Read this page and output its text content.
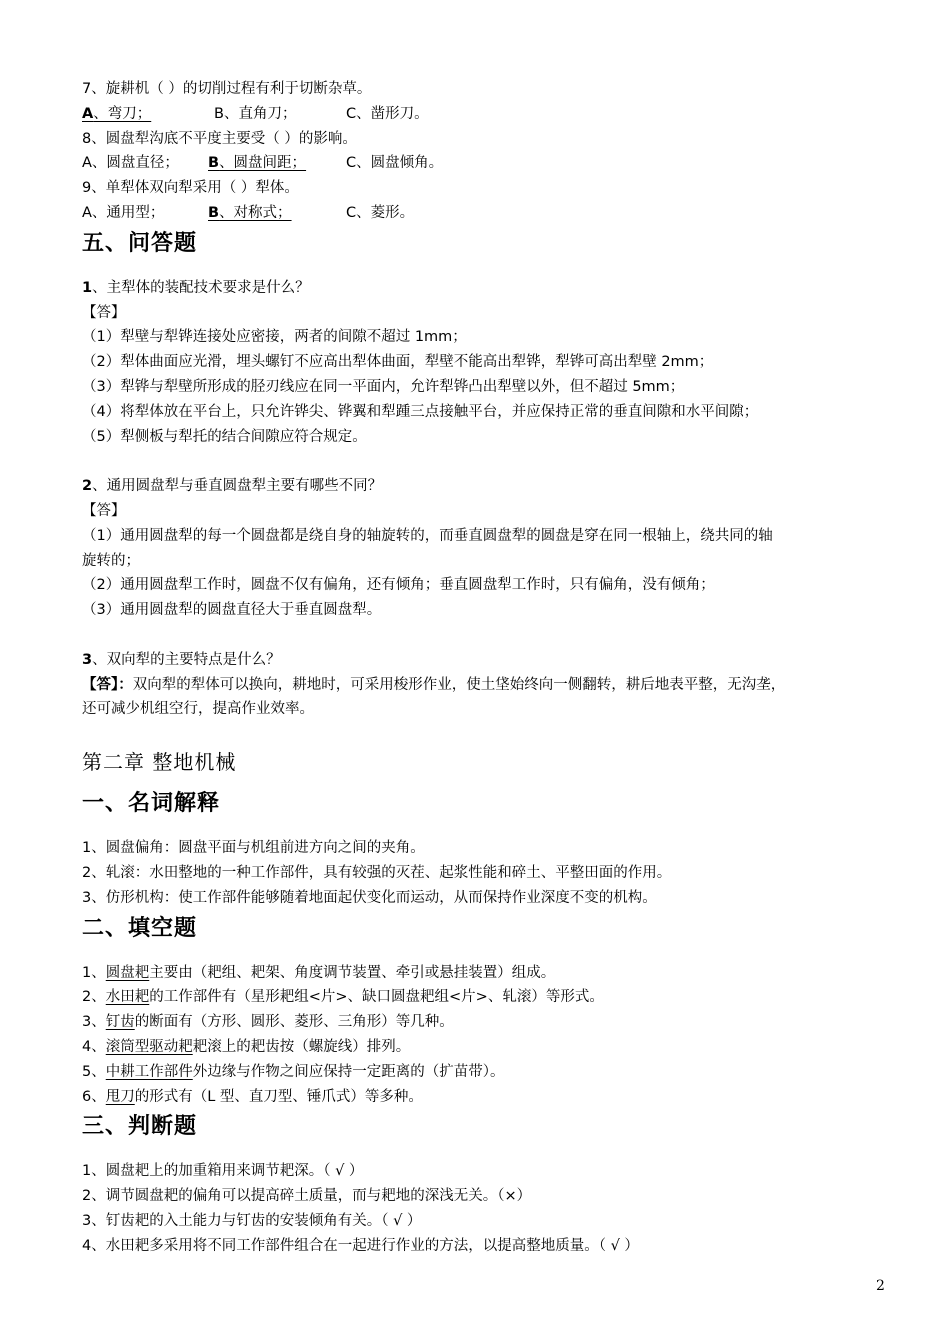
7、旋耕机（ ）的切削过程有利于切断杂草。
A、弯刀；	B、直角刀；	C、凿形刀。
8、圆盘犁沟底不平度主要受（ ）的影响。
A、圆盘直径； B、圆盘间距；	C、圆盘倾角。
9、单犁体双向犁采用（ ）犁体。
A、通用型；	B、对称式；	C、菱形。
五、问答题
1、主犁体的装配技术要求是什么？
【答】
（1）犁壁与犁铧连接处应密接，两者的间隙不超过 1mm；
（2）犁体曲面应光滑，埋头螺钉不应高出犁体曲面，犁壁不能高出犁铧，犁铧可高出犁壁 2mm；
（3）犁铧与犁壁所形成的胫刃线应在同一平面内，允许犁铧凸出犁壁以外，但不超过 5mm；
（4）将犁体放在平台上，只允许铧尖、铧翼和犁踵三点接触平台，并应保持正常的垂直间隙和水平间隙；
（5）犁侧板与犁托的结合间隙应符合规定。
2、通用圆盘犁与垂直圆盘犁主要有哪些不同？
【答】
（1）通用圆盘犁的每一个圆盘都是绕自身的轴旋转的，而垂直圆盘犁的圆盘是穿在同一根轴上，绕共同的轴
旋转的；
（2）通用圆盘犁工作时，圆盘不仅有偏角，还有倾角；垂直圆盘犁工作时，只有偏角，没有倾角；
（3）通用圆盘犁的圆盘直径大于垂直圆盘犁。
3、双向犁的主要特点是什么？
【答】：双向犁的犁体可以换向，耕地时，可采用梭形作业，使土垡始终向一侧翻转，耕后地表平整，无沟垄，
还可减少机组空行，提高作业效率。
第二章 整地机械
一、名词解释
1、圆盘偏角：圆盘平面与机组前进方向之间的夹角。
2、轧滚：水田整地的一种工作部件，具有较强的灭茬、起浆性能和碎土、平整田面的作用。
3、仿形机构：使工作部件能够随着地面起伏变化而运动，从而保持作业深度不变的机构。
二、填空题
1、圆盘耙主要由（耙组、耙架、角度调节装置、牵引或悬挂装置）组成。
2、水田耙的工作部件有（星形耙组<片>、缺口圆盘耙组<片>、轧滚）等形式。
3、钉齿的断面有（方形、圆形、菱形、三角形）等几种。
4、滚筒型驱动耙耙滚上的耙齿按（螺旋线）排列。
5、中耕工作部件外边缘与作物之间应保持一定距离的（扩苗带）。
6、甩刀的形式有（L 型、直刀型、锤爪式）等多种。
三、判断题
1、圆盘耙上的加重箱用来调节耙深。（ √ ）
2、调节圆盘耙的偏角可以提高碎土质量，而与耙地的深浅无关。（×）
3、钉齿耙的入土能力与钉齿的安装倾角有关。（ √ ）
4、水田耙多采用将不同工作部件组合在一起进行作业的方法，以提高整地质量。（ √ ）
2
